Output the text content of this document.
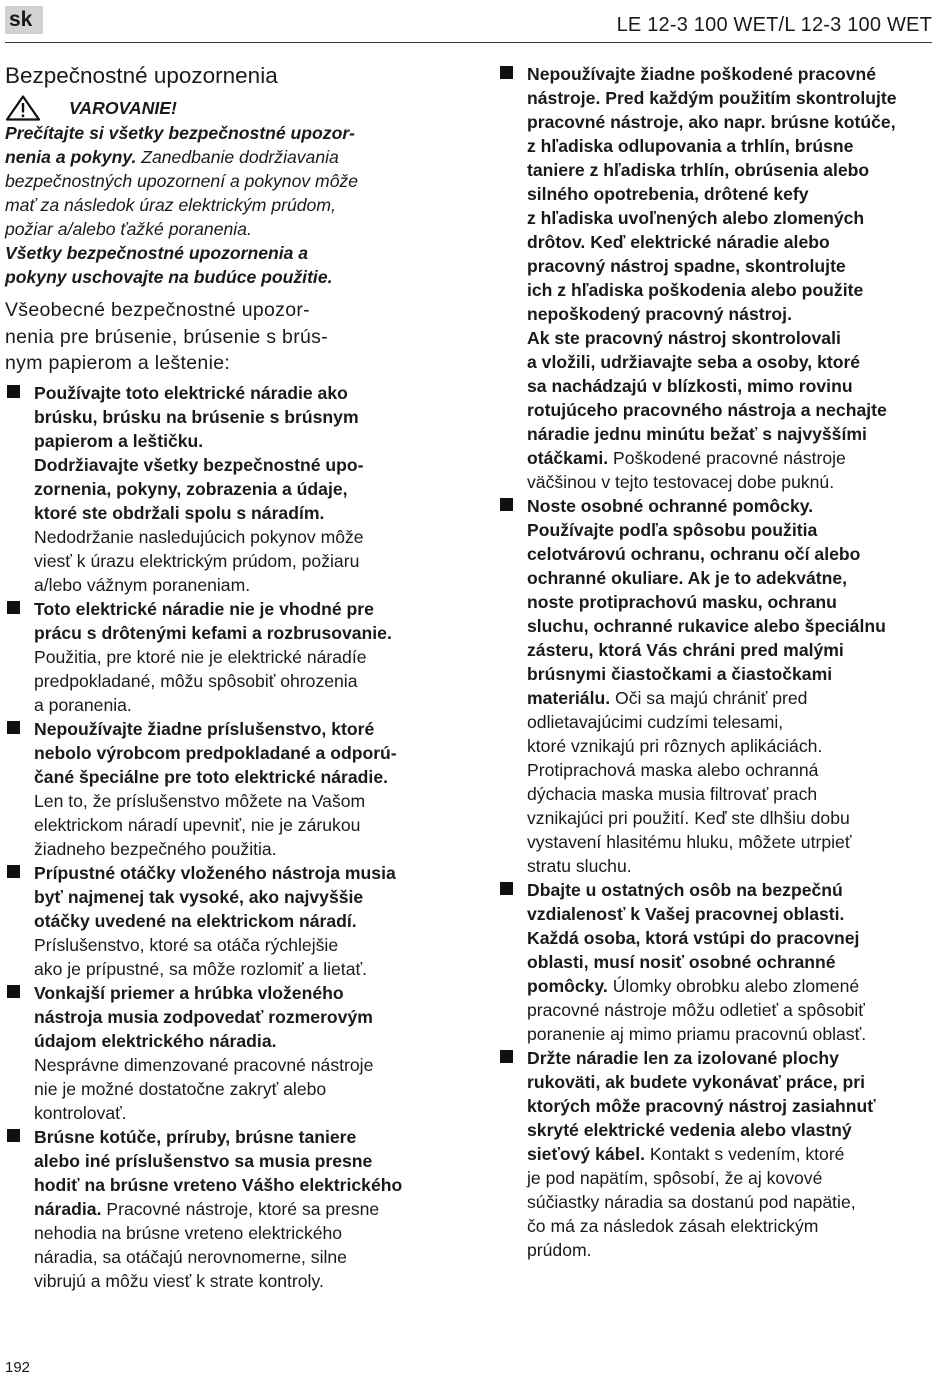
sk	LE 12-3 100 WET/L 12-3 100 WET
Bezpečnostné upozornenia
VAROVANIE!
Prečítajte si všetky bezpečnostné upozor-
nenia a pokyny. Zanedbanie dodržiavania
bezpečnostných upozornení a pokynov môže
mať za následok úraz elektrickým prúdom,
požiar a/alebo ťažké poranenia.
Všetky bezpečnostné upozornenia a
pokyny uschovajte na budúce použitie.
Všeobecné bezpečnostné upozor-
nenia pre brúsenie, brúsenie s brús-
nym papierom a leštenie:
Používajte toto elektrické náradie ako
brúsku, brúsku na brúsenie s brúsnym
papierom a leštičku.
Dodržiavajte všetky bezpečnostné upo-
zornenia, pokyny, zobrazenia a údaje,
ktoré ste obdržali spolu s náradím.
Nedodržanie nasledujúcich pokynov môže
viesť k úrazu elektrickým prúdom, požiaru
a/lebo vážnym poraneniam.
Toto elektrické náradie nie je vhodné pre
prácu s drôtenými kefami a rozbrusovanie.
Použitia, pre ktoré nie je elektrické náradíe
predpokladané, môžu spôsobiť ohrozenia
a poranenia.
Nepoužívajte žiadne príslušenstvo, ktoré
nebolo výrobcom predpokladané a odporú-
čané špeciálne pre toto elektrické náradie.
Len to, že príslušenstvo môžete na Vašom
elektrickom náradí upevniť, nie je zárukou
žiadneho bezpečného použitia.
Prípustné otáčky vloženého nástroja musia
byť najmenej tak vysoké, ako najvyššie
otáčky uvedené na elektrickom náradí.
Príslušenstvo, ktoré sa otáča rýchlejšie
ako je prípustné, sa môže rozlomiť a lietať.
Vonkajší priemer a hrúbka vloženého
nástroja musia zodpovedať rozmerovým
údajom elektrického náradia.
Nesprávne dimenzované pracovné nástroje
nie je možné dostatočne zakryť alebo
kontrolovať.
Brúsne kotúče, príruby, brúsne taniere
alebo iné príslušenstvo sa musia presne
hodiť na brúsne vreteno Vášho elektrického
náradia. Pracovné nástroje, ktoré sa presne
nehodia na brúsne vreteno elektrického
náradia, sa otáčajú nerovnomerne, silne
vibrujú a môžu viesť k strate kontroly.
Nepoužívajte žiadne poškodené pracovné
nástroje. Pred každým použitím skontrolujte
pracovné nástroje, ako napr. brúsne kotúče,
z hľadiska odlupovania a trhlín, brúsne
taniere z hľadiska trhlín, obrúsenia alebo
silného opotrebenia, drôtené kefy
z hľadiska uvoľnených alebo zlomených
drôtov. Keď elektrické náradie alebo
pracovný nástroj spadne, skontrolujte
ich z hľadiska poškodenia alebo použite
nepoškodený pracovný nástroj.
Ak ste pracovný nástroj skontrolovali
a vložili, udržiavajte seba a osoby, ktoré
sa nachádzajú v blízkosti, mimo rovinu
rotujúceho pracovného nástroja a nechajte
náradie jednu minútu bežať s najvyššími
otáčkami. Poškodené pracovné nástroje
väčšinou v tejto testovacej dobe puknú.
Noste osobné ochranné pomôcky.
Používajte podľa spôsobu použitia
celotvárovú ochranu, ochranu očí alebo
ochranné okuliare. Ak je to adekvátne,
noste protiprachovú masku, ochranu
sluchu, ochranné rukavice alebo špeciálnu
zásteru, ktorá Vás chráni pred malými
brúsnymi čiastočkami a čiastočkami
materiálu. Oči sa majú chrániť pred
odlietavajúcimi cudzími telesami,
ktoré vznikajú pri rôznych aplikáciách.
Protiprachová maska alebo ochranná
dýchacia maska musia filtrovať prach
vznikajúci pri použití. Keď ste dlhšiu dobu
vystavení hlasitému hluku, môžete utrpieť
stratu sluchu.
Dbajte u ostatných osôb na bezpečnú
vzdialenosť k Vašej pracovnej oblasti.
Každá osoba, ktorá vstúpi do pracovnej
oblasti, musí nosiť osobné ochranné
pomôcky. Úlomky obrobku alebo zlomené
pracovné nástroje môžu odletieť a spôsobiť
poranenie aj mimo priamu pracovnú oblasť.
Držte náradie len za izolované plochy
rukoväti, ak budete vykonávať práce, pri
ktorých môže pracovný nástroj zasiahnuť
skryté elektrické vedenia alebo vlastný
sieťový kábel. Kontakt s vedením, ktoré
je pod napätím, spôsobí, že aj kovové
súčiastky náradia sa dostanú pod napätie,
čo má za následok zásah elektrickým
prúdom.
192
